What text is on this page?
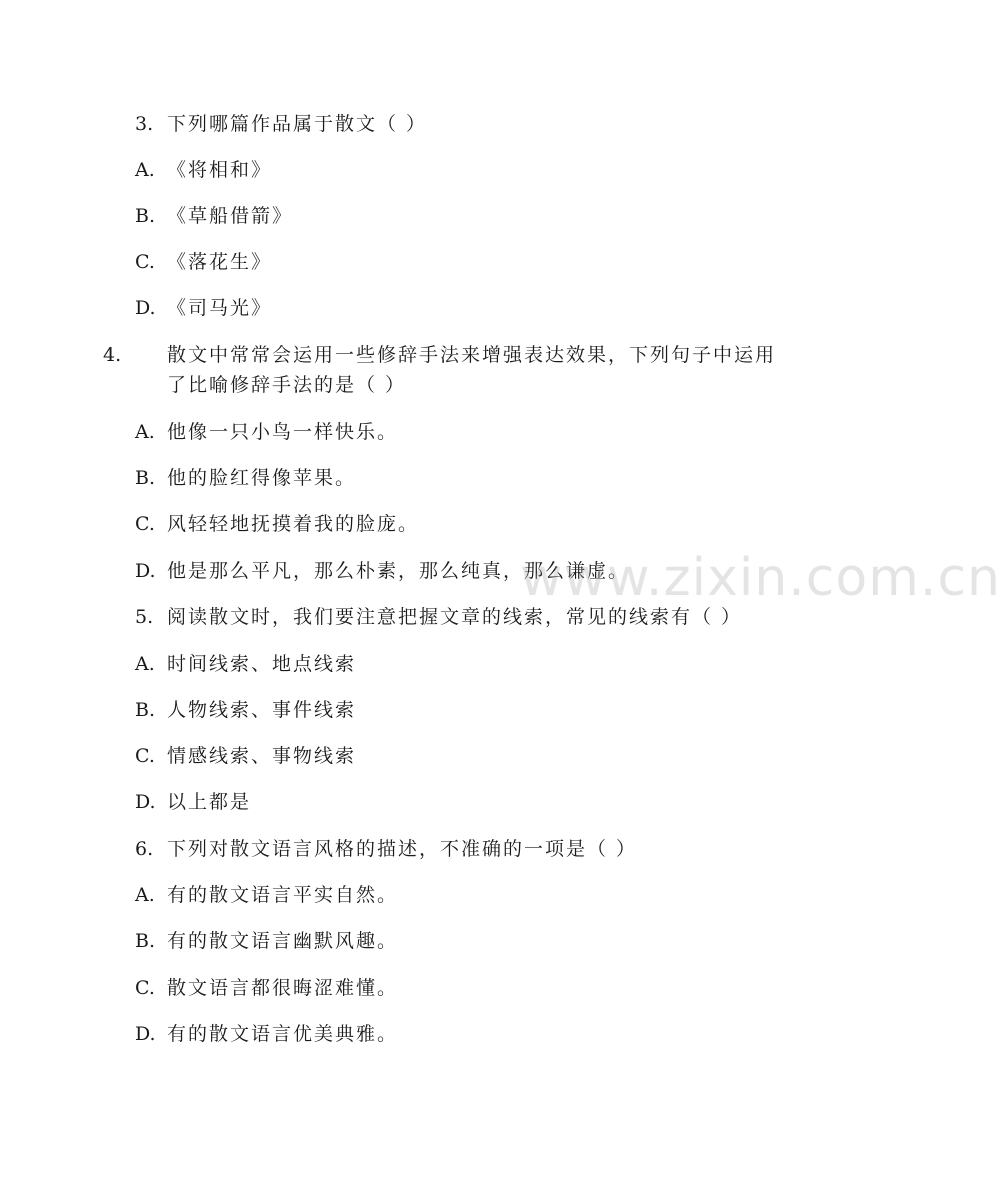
3. 下列哪篇作品属于散文（ ）
A. 《将相和》
B. 《草船借箭》
C. 《落花生》
D. 《司马光》
4. 散文中常常会运用一些修辞手法来增强表达效果，下列句子中运用了比喻修辞手法的是（ ）
A. 他像一只小鸟一样快乐。
B. 他的脸红得像苹果。
C. 风轻轻地抚摸着我的脸庞。
D. 他是那么平凡，那么朴素，那么纯真，那么谦虚。
5. 阅读散文时，我们要注意把握文章的线索，常见的线索有（ ）
A. 时间线索、地点线索
B. 人物线索、事件线索
C. 情感线索、事物线索
D. 以上都是
6. 下列对散文语言风格的描述，不准确的一项是（ ）
A. 有的散文语言平实自然。
B. 有的散文语言幽默风趣。
C. 散文语言都很晦涩难懂。
D. 有的散文语言优美典雅。
www.zixin.com.cn
